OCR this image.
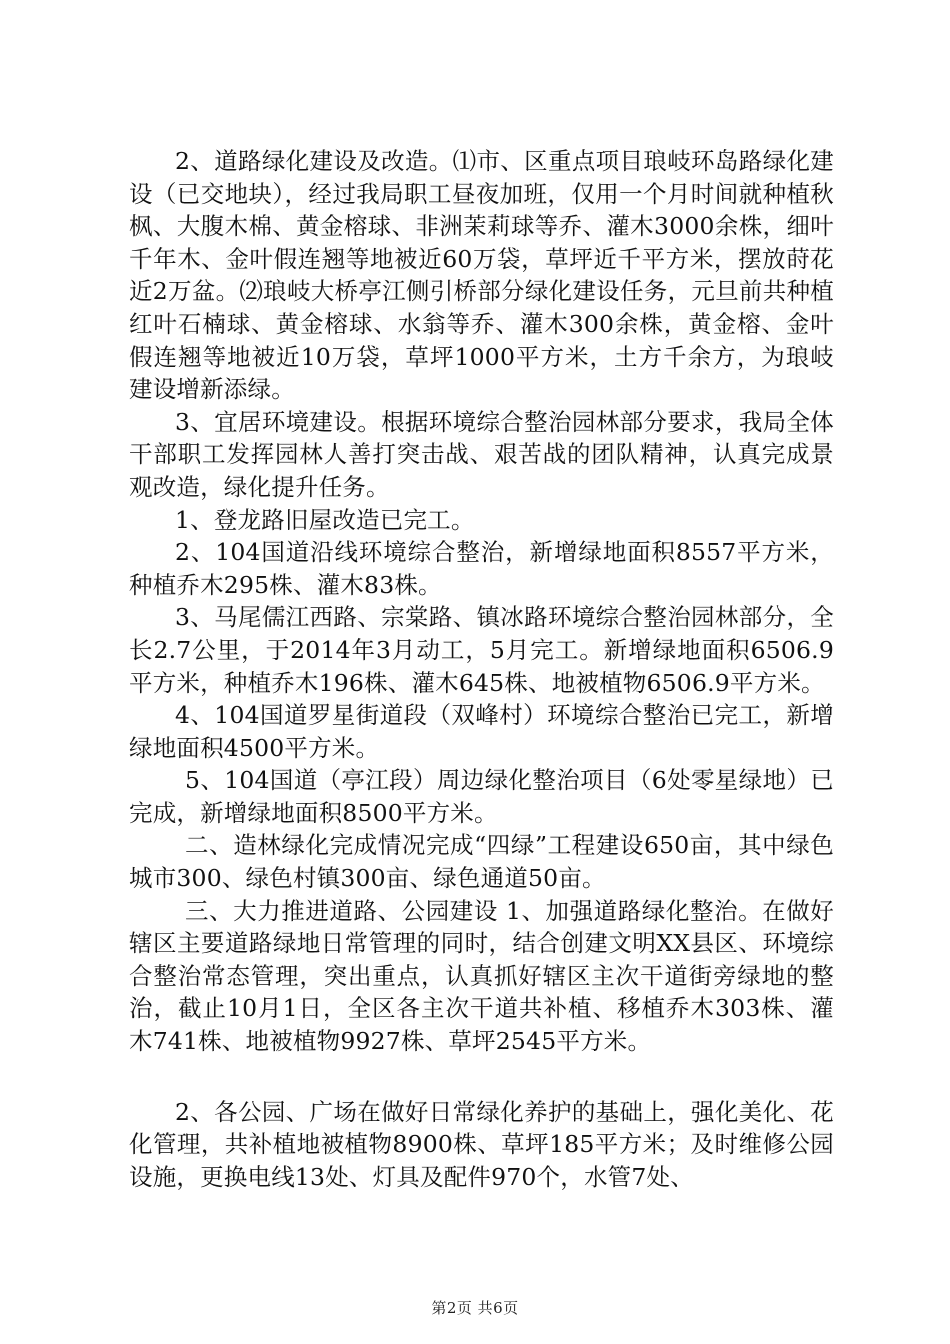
2、道路绿化建设及改造。⑴市、区重点项目琅岐环岛路绿化建设（已交地块），经过我局职工昼夜加班，仅用一个月时间就种植秋枫、大腹木棉、黄金榕球、非洲茉莉球等乔、灌木3000余株，细叶千年木、金叶假连翘等地被近60万袋，草坪近千平方米，摆放莳花近2万盆。⑵琅岐大桥亭江侧引桥部分绿化建设任务，元旦前共种植红叶石楠球、黄金榕球、水翁等乔、灌木300余株，黄金榕、金叶假连翘等地被近10万袋，草坪1000平方米，土方千余方，为琅岐建设增新添绿。

3、宜居环境建设。根据环境综合整治园林部分要求，我局全体干部职工发挥园林人善打突击战、艰苦战的团队精神，认真完成景观改造，绿化提升任务。

1、登龙路旧屋改造已完工。

2、104国道沿线环境综合整治，新增绿地面积8557平方米，种植乔木295株、灌木83株。

3、马尾儒江西路、宗棠路、镇冰路环境综合整治园林部分，全长2.7公里，于2014年3月动工，5月完工。新增绿地面积6506.9平方米，种植乔木196株、灌木645株、地被植物6506.9平方米。

4、104国道罗星街道段（双峰村）环境综合整治已完工，新增绿地面积4500平方米。

5、104国道（亭江段）周边绿化整治项目（6处零星绿地）已完成，新增绿地面积8500平方米。

二、造林绿化完成情况完成“四绿”工程建设650亩，其中绿色城市300、绿色村镇300亩、绿色通道50亩。

三、大力推进道路、公园建设 1、加强道路绿化整治。在做好辖区主要道路绿地日常管理的同时，结合创建文明XX县区、环境综合整治常态管理，突出重点，认真抓好辖区主次干道街旁绿地的整治，截止10月1日，全区各主次干道共补植、移植乔木303株、灌木741株、地被植物9927株、草坪2545平方米。

2、各公园、广场在做好日常绿化养护的基础上，强化美化、花化管理，共补植地被植物8900株、草坪185平方米；及时维修公园设施，更换电线13处、灯具及配件970个，水管7处、

第2页 共6页
